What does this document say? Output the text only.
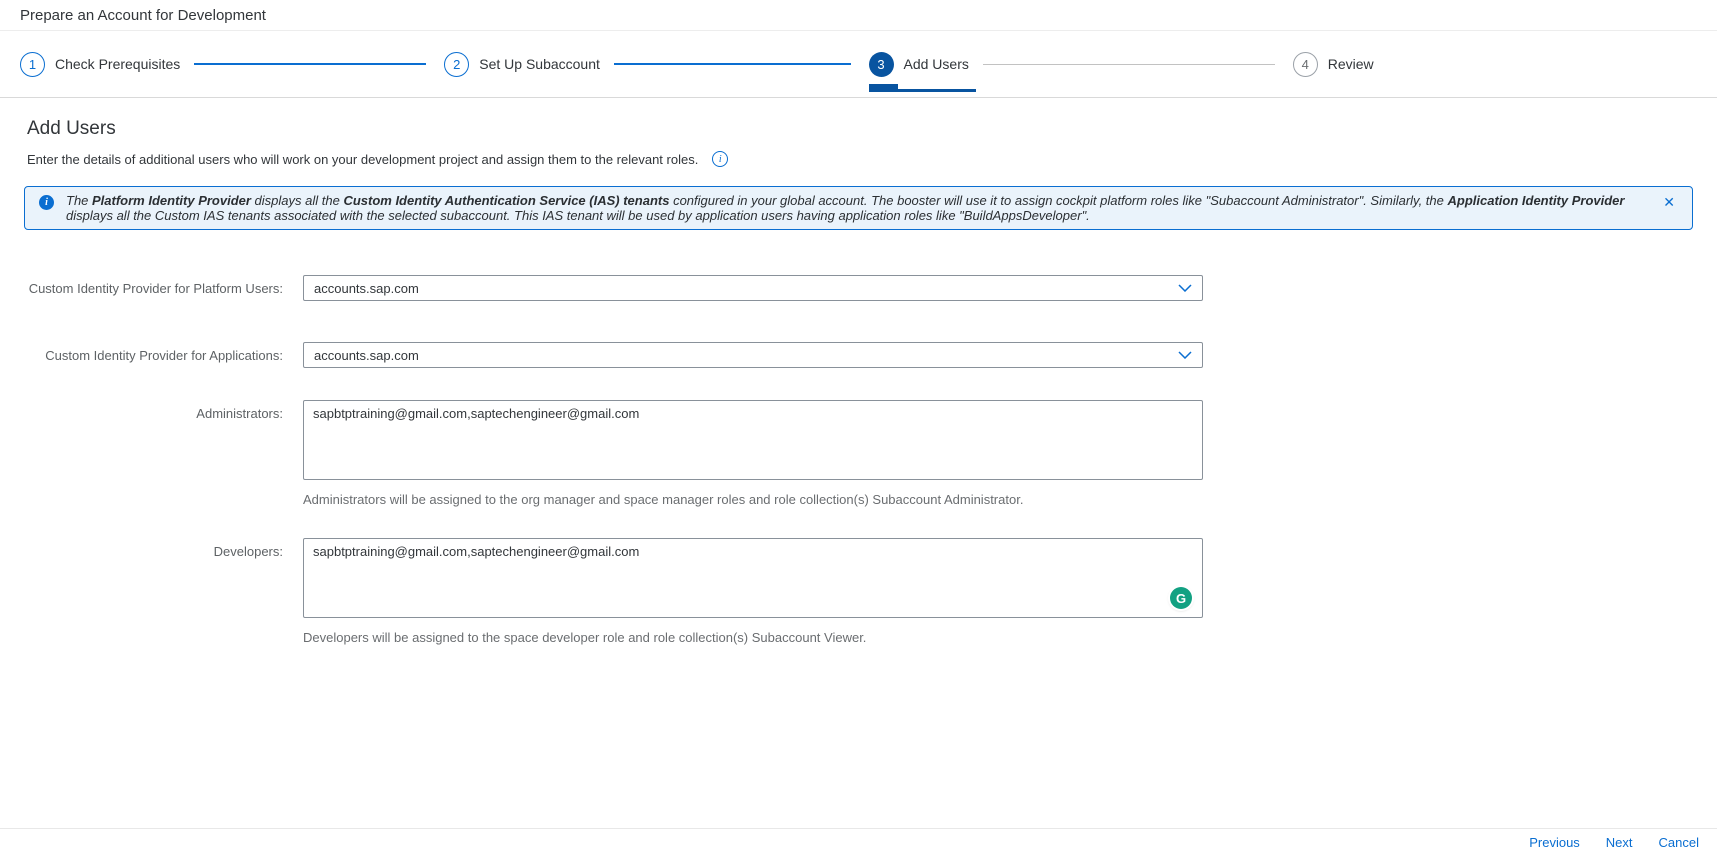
Prepare an Account for Development
1	Check Prerequisites	2	Set Up Subaccount	3	Add Users	4	Review
Add Users
Enter the details of additional users who will work on your development project and assign them to the relevant roles.	i
i	The Platform Identity Provider displays all the Custom Identity Authentication Service (IAS) tenants configured in your global account. The booster will use it to assign cockpit platform roles like "Subaccount Administrator". Similarly, the Application Identity Provider displays all the Custom IAS tenants associated with the selected subaccount. This IAS tenant will be used by application users having application roles like "BuildAppsDeveloper".
✕
Custom Identity Provider for Platform Users: accounts.sap.com
Custom Identity Provider for Applications: accounts.sap.com
Administrators:
sapbtptraining@gmail.com,saptechengineer@gmail.com
Administrators will be assigned to the org manager and space manager roles and role collection(s) Subaccount Administrator.
Developers:
sapbtptraining@gmail.com,saptechengineer@gmail.com
G
Developers will be assigned to the space developer role and role collection(s) Subaccount Viewer.
Previous Next Cancel
